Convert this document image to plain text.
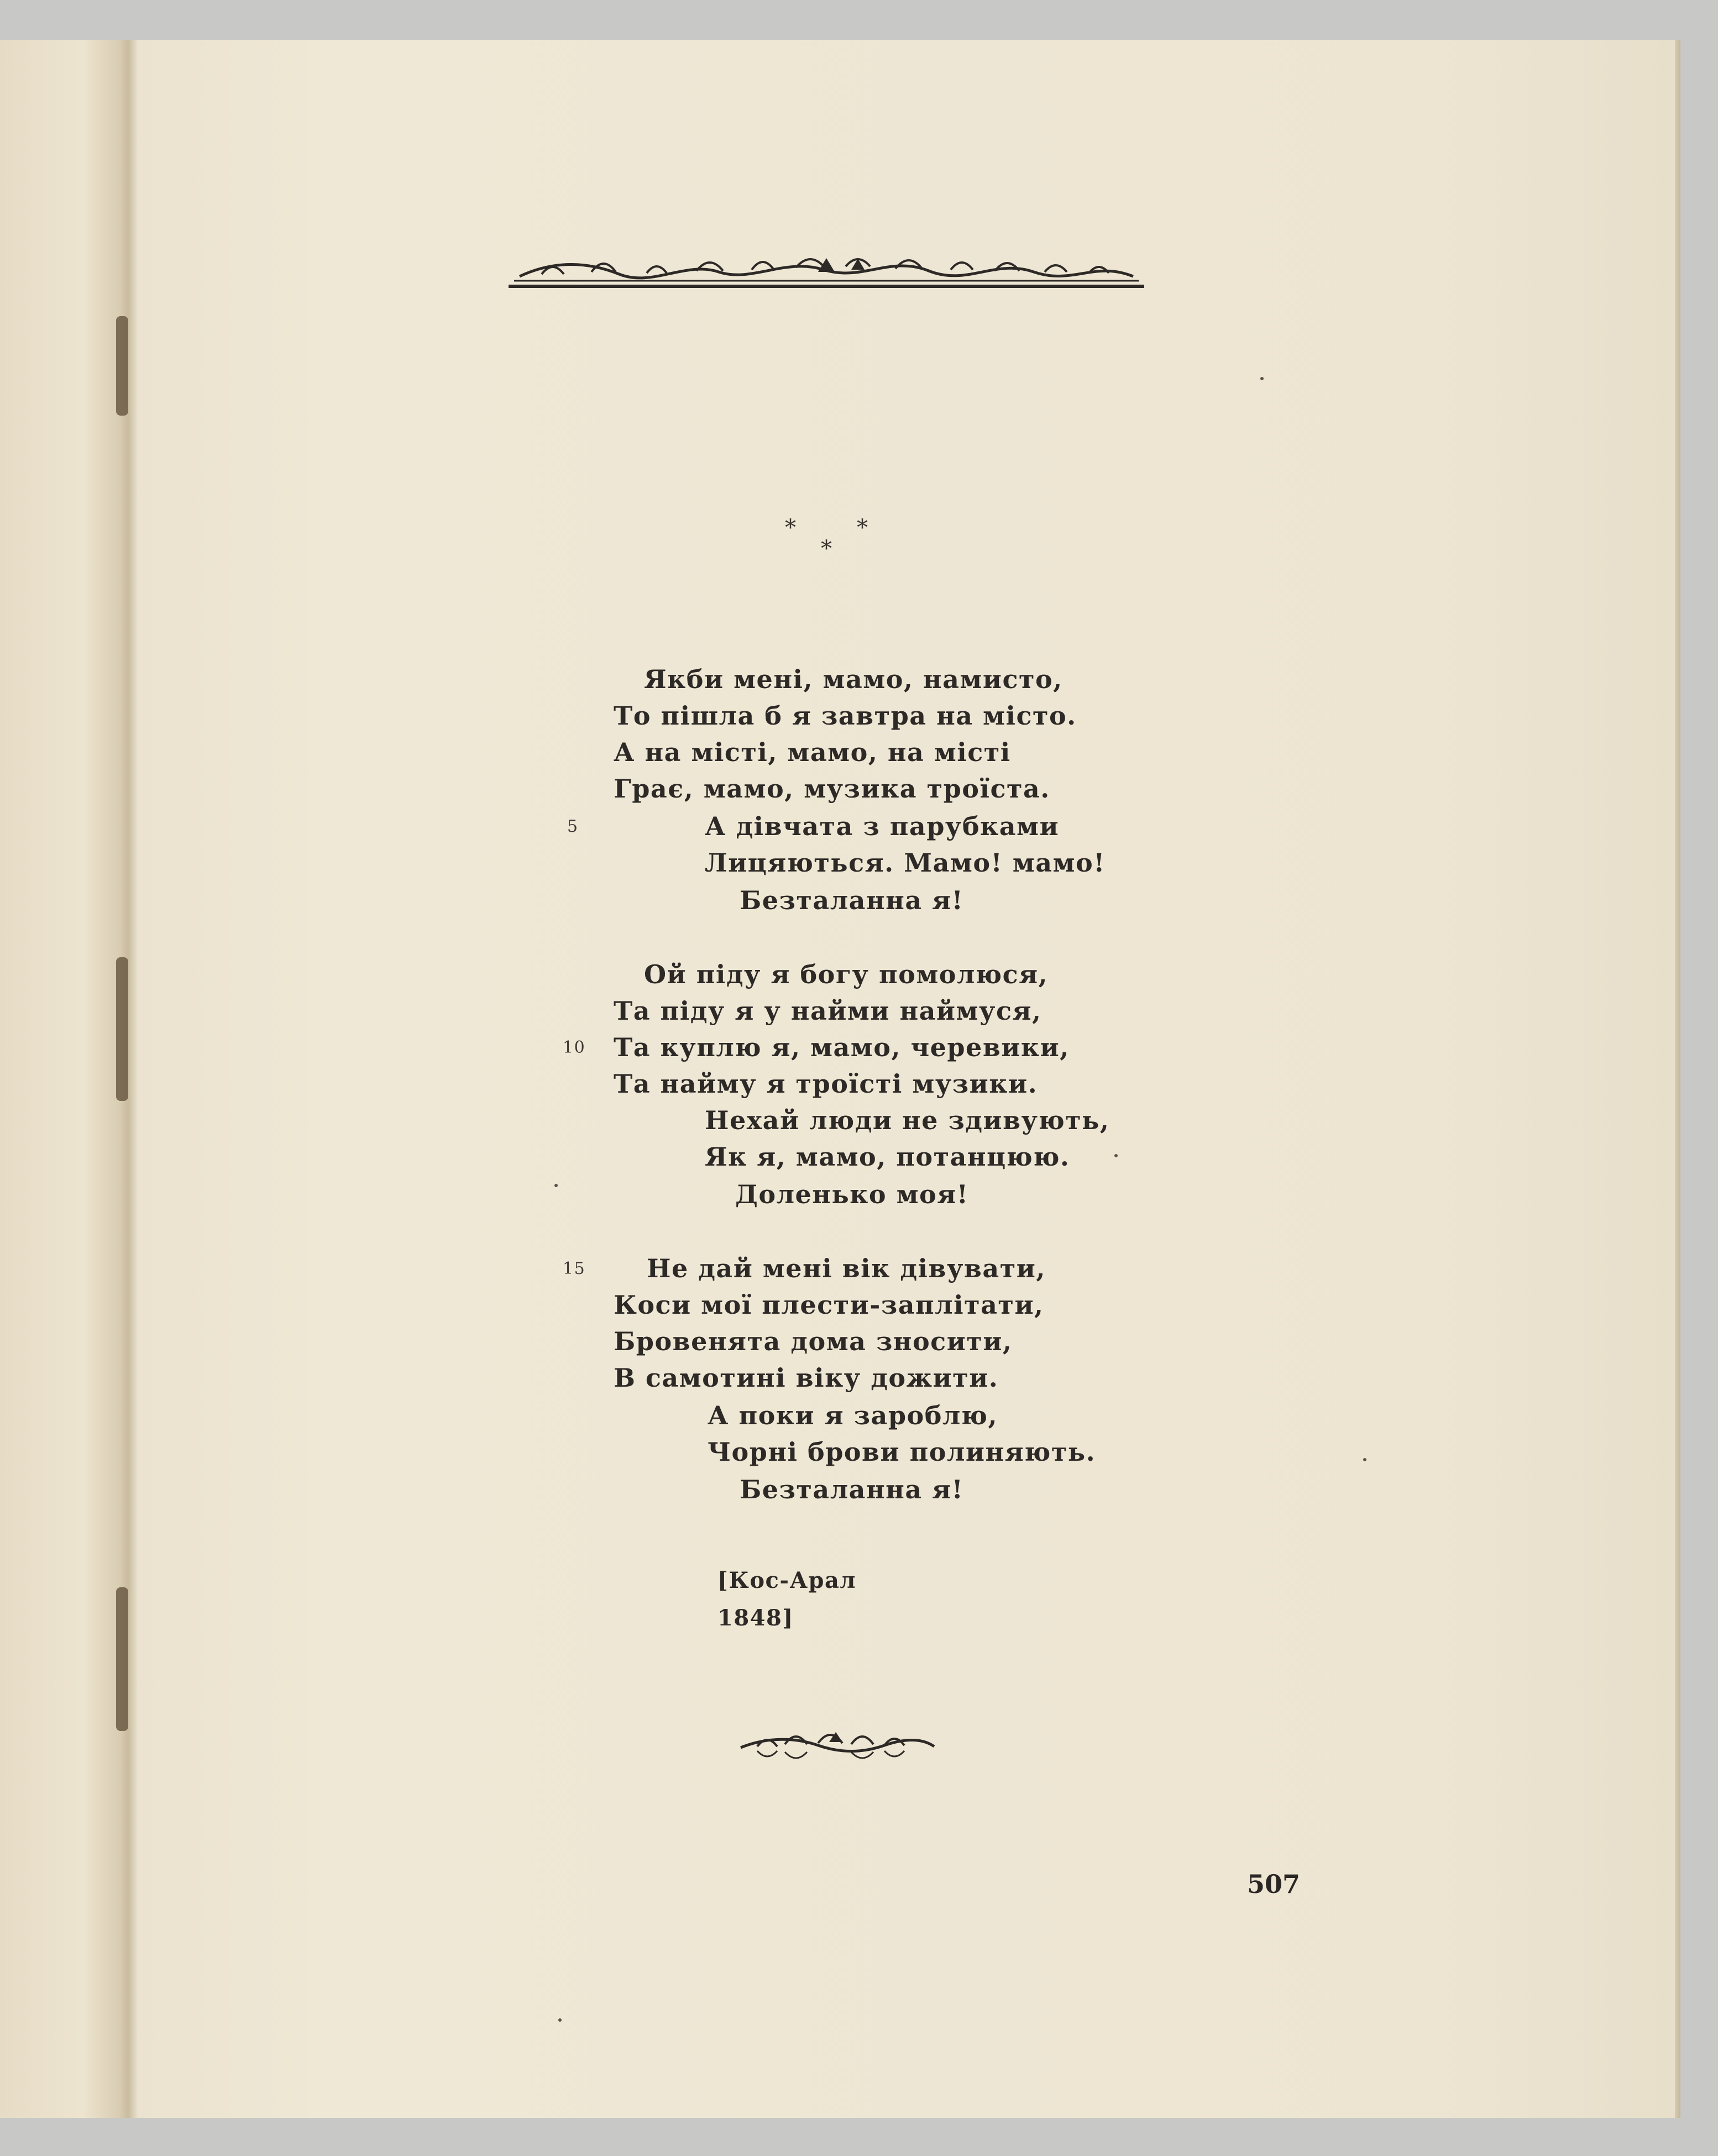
*	*
*
Якби мені, мамо, намисто,
То пішла б я завтра на місто.
А на місті, мамо, на місті
Грає, мамо, музика троїста.
А дівчата з парубками
Лицяються. Мамо! мамо!
Безталанна я!
Ой піду я богу помолюся,
Та піду я у найми наймуся,
Та куплю я, мамо, черевики,
Та найму я троїсті музики.
Нехай люди не здивують,
Як я, мамо, потанцюю.
Доленько моя!
Не дай мені вік дівувати,
Коси мої плести-заплітати,
Бровенята дома зносити,
В самотині віку дожити.
А поки я зароблю,
Чорні брови полиняють.
Безталанна я!
5
10
15
[Кос-Арал
1848]
507
